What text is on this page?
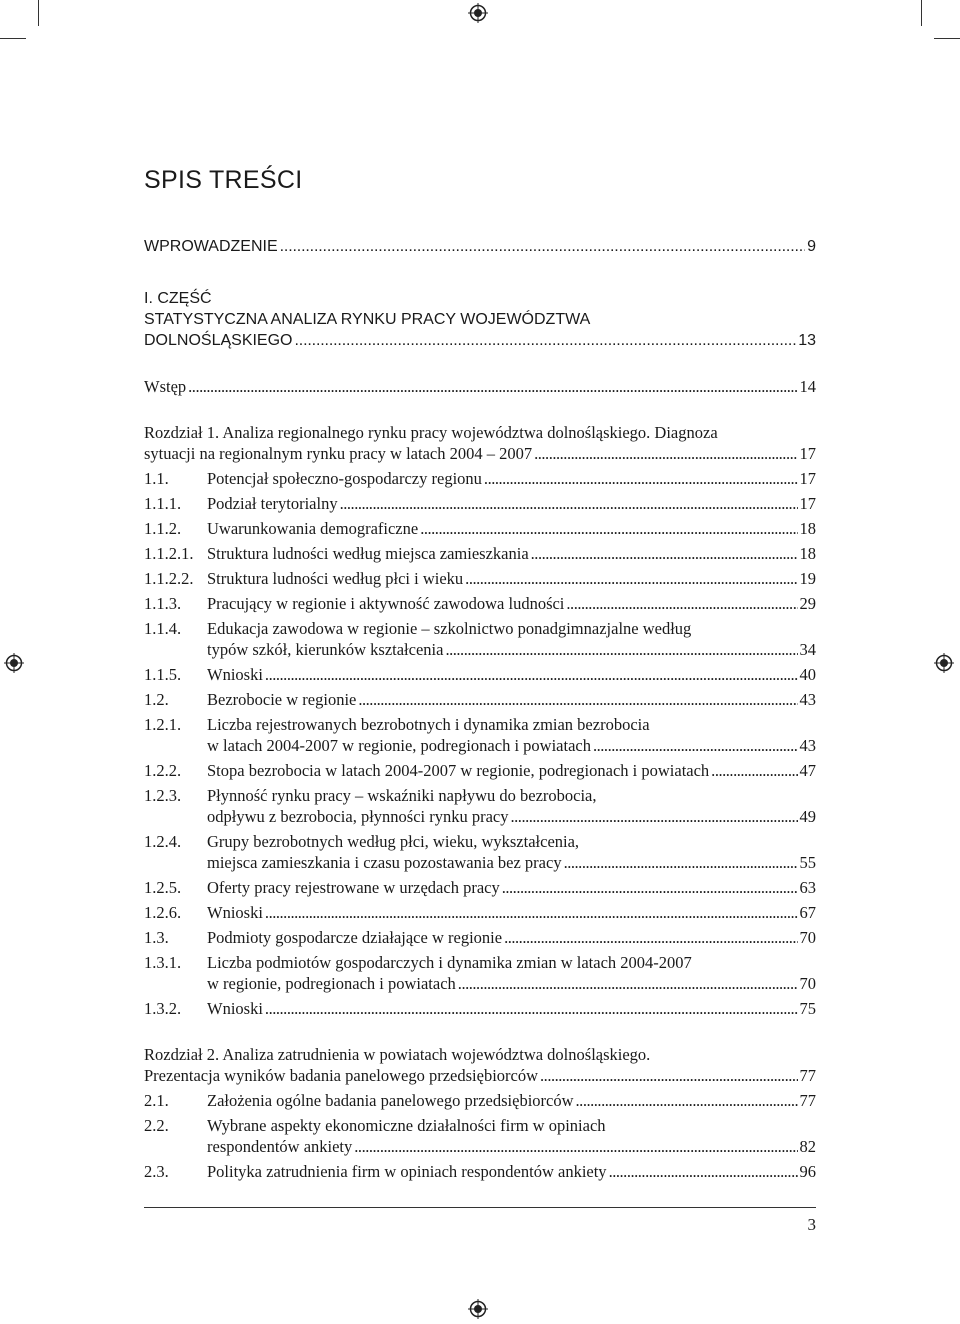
SPIS TREŚCI
WPROWADZENIE . . .	9
I. CZĘŚĆ
STATYSTYCZNA ANALIZA RYNKU PRACY WOJEWÓDZTWA
DOLNOŚLĄSKIEGO . . .	13
Wstęp . . .	14
Rozdział 1. Analiza regionalnego rynku pracy województwa dolnośląskiego. Diagnoza
sytuacji na regionalnym rynku pracy w latach 2004 – 2007 . . .	17
1.1. Potencjał społeczno-gospodarczy regionu . . .	17
1.1.1. Podział terytorialny . . .	17
1.1.2. Uwarunkowania demograficzne . . .	18
1.1.2.1. Struktura ludności według miejsca zamieszkania . . .	18
1.1.2.2. Struktura ludności według płci i wieku . . .	19
1.1.3. Pracujący w regionie i aktywność zawodowa ludności . . .	29
1.1.4. Edukacja zawodowa w regionie – szkolnictwo ponadgimnazjalne według
typów szkół, kierunków kształcenia . . .	34
1.1.5. Wnioski . . .	40
1.2. Bezrobocie w regionie . . .	43
1.2.1. Liczba rejestrowanych bezrobotnych i dynamika zmian bezrobocia
w latach 2004-2007 w regionie, podregionach i powiatach . . .	43
1.2.2. Stopa bezrobocia w latach 2004-2007 w regionie, podregionach i powiatach . . .	47
1.2.3. Płynność rynku pracy – wskaźniki napływu do bezrobocia,
odpływu z bezrobocia, płynności rynku pracy . . .	49
1.2.4. Grupy bezrobotnych według płci, wieku, wykształcenia,
miejsca zamieszkania i czasu pozostawania bez pracy . . .	55
1.2.5. Oferty pracy rejestrowane w urzędach pracy . . .	63
1.2.6. Wnioski . . .	67
1.3. Podmioty gospodarcze działające w regionie . . .	70
1.3.1. Liczba podmiotów gospodarczych i dynamika zmian w latach 2004-2007
w regionie, podregionach i powiatach . . .	70
1.3.2. Wnioski . . .	75
Rozdział 2. Analiza zatrudnienia w powiatach województwa dolnośląskiego.
Prezentacja wyników badania panelowego przedsiębiorców . . .	77
2.1. Założenia ogólne badania panelowego przedsiębiorców . . .	77
2.2. Wybrane aspekty ekonomiczne działalności firm w opiniach
respondentów ankiety . . .	82
2.3. Polityka zatrudnienia firm w opiniach respondentów ankiety . . .	96
3
